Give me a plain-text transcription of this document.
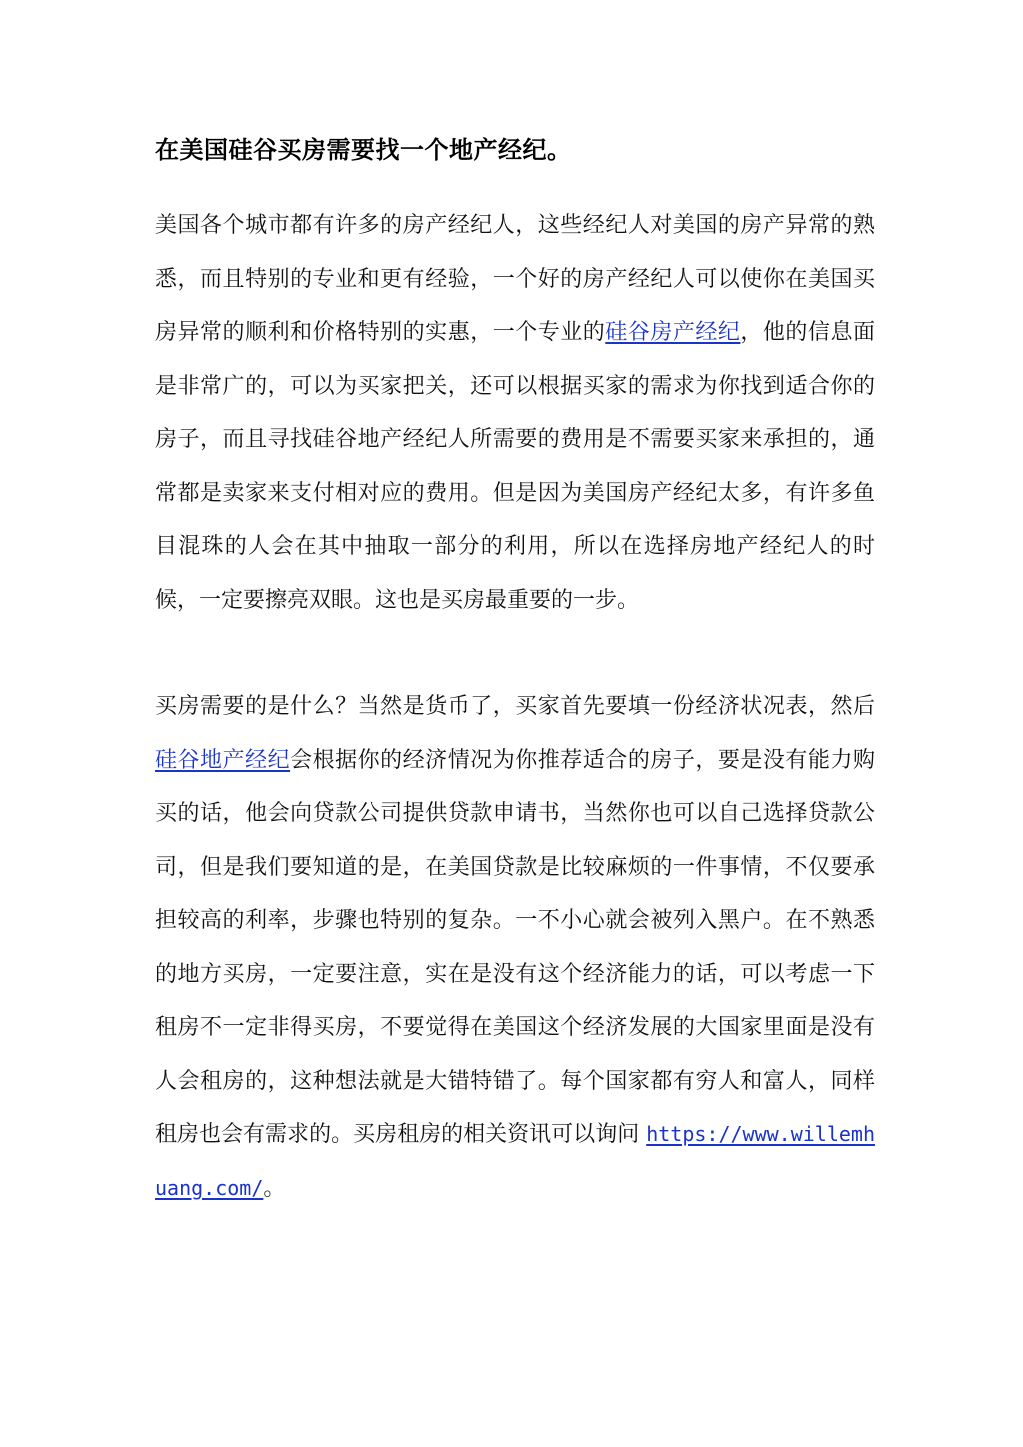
在美国硅谷买房需要找一个地产经纪。

美国各个城市都有许多的房产经纪人，这些经纪人对美国的房产异常的熟悉，而且特别的专业和更有经验，一个好的房产经纪人可以使你在美国买房异常的顺利和价格特别的实惠，一个专业的硅谷房产经纪，他的信息面是非常广的，可以为买家把关，还可以根据买家的需求为你找到适合你的房子，而且寻找硅谷地产经纪人所需要的费用是不需要买家来承担的，通常都是卖家来支付相对应的费用。但是因为美国房产经纪太多，有许多鱼目混珠的人会在其中抽取一部分的利用，所以在选择房地产经纪人的时候，一定要擦亮双眼。这也是买房最重要的一步。

买房需要的是什么？当然是货币了，买家首先要填一份经济状况表，然后硅谷地产经纪会根据你的经济情况为你推荐适合的房子，要是没有能力购买的话，他会向贷款公司提供贷款申请书，当然你也可以自己选择贷款公司，但是我们要知道的是，在美国贷款是比较麻烦的一件事情，不仅要承担较高的利率，步骤也特别的复杂。一不小心就会被列入黑户。在不熟悉的地方买房，一定要注意，实在是没有这个经济能力的话，可以考虑一下租房不一定非得买房，不要觉得在美国这个经济发展的大国家里面是没有人会租房的，这种想法就是大错特错了。每个国家都有穷人和富人，同样租房也会有需求的。买房租房的相关资讯可以询问 https://www.willemhuang.com/。
